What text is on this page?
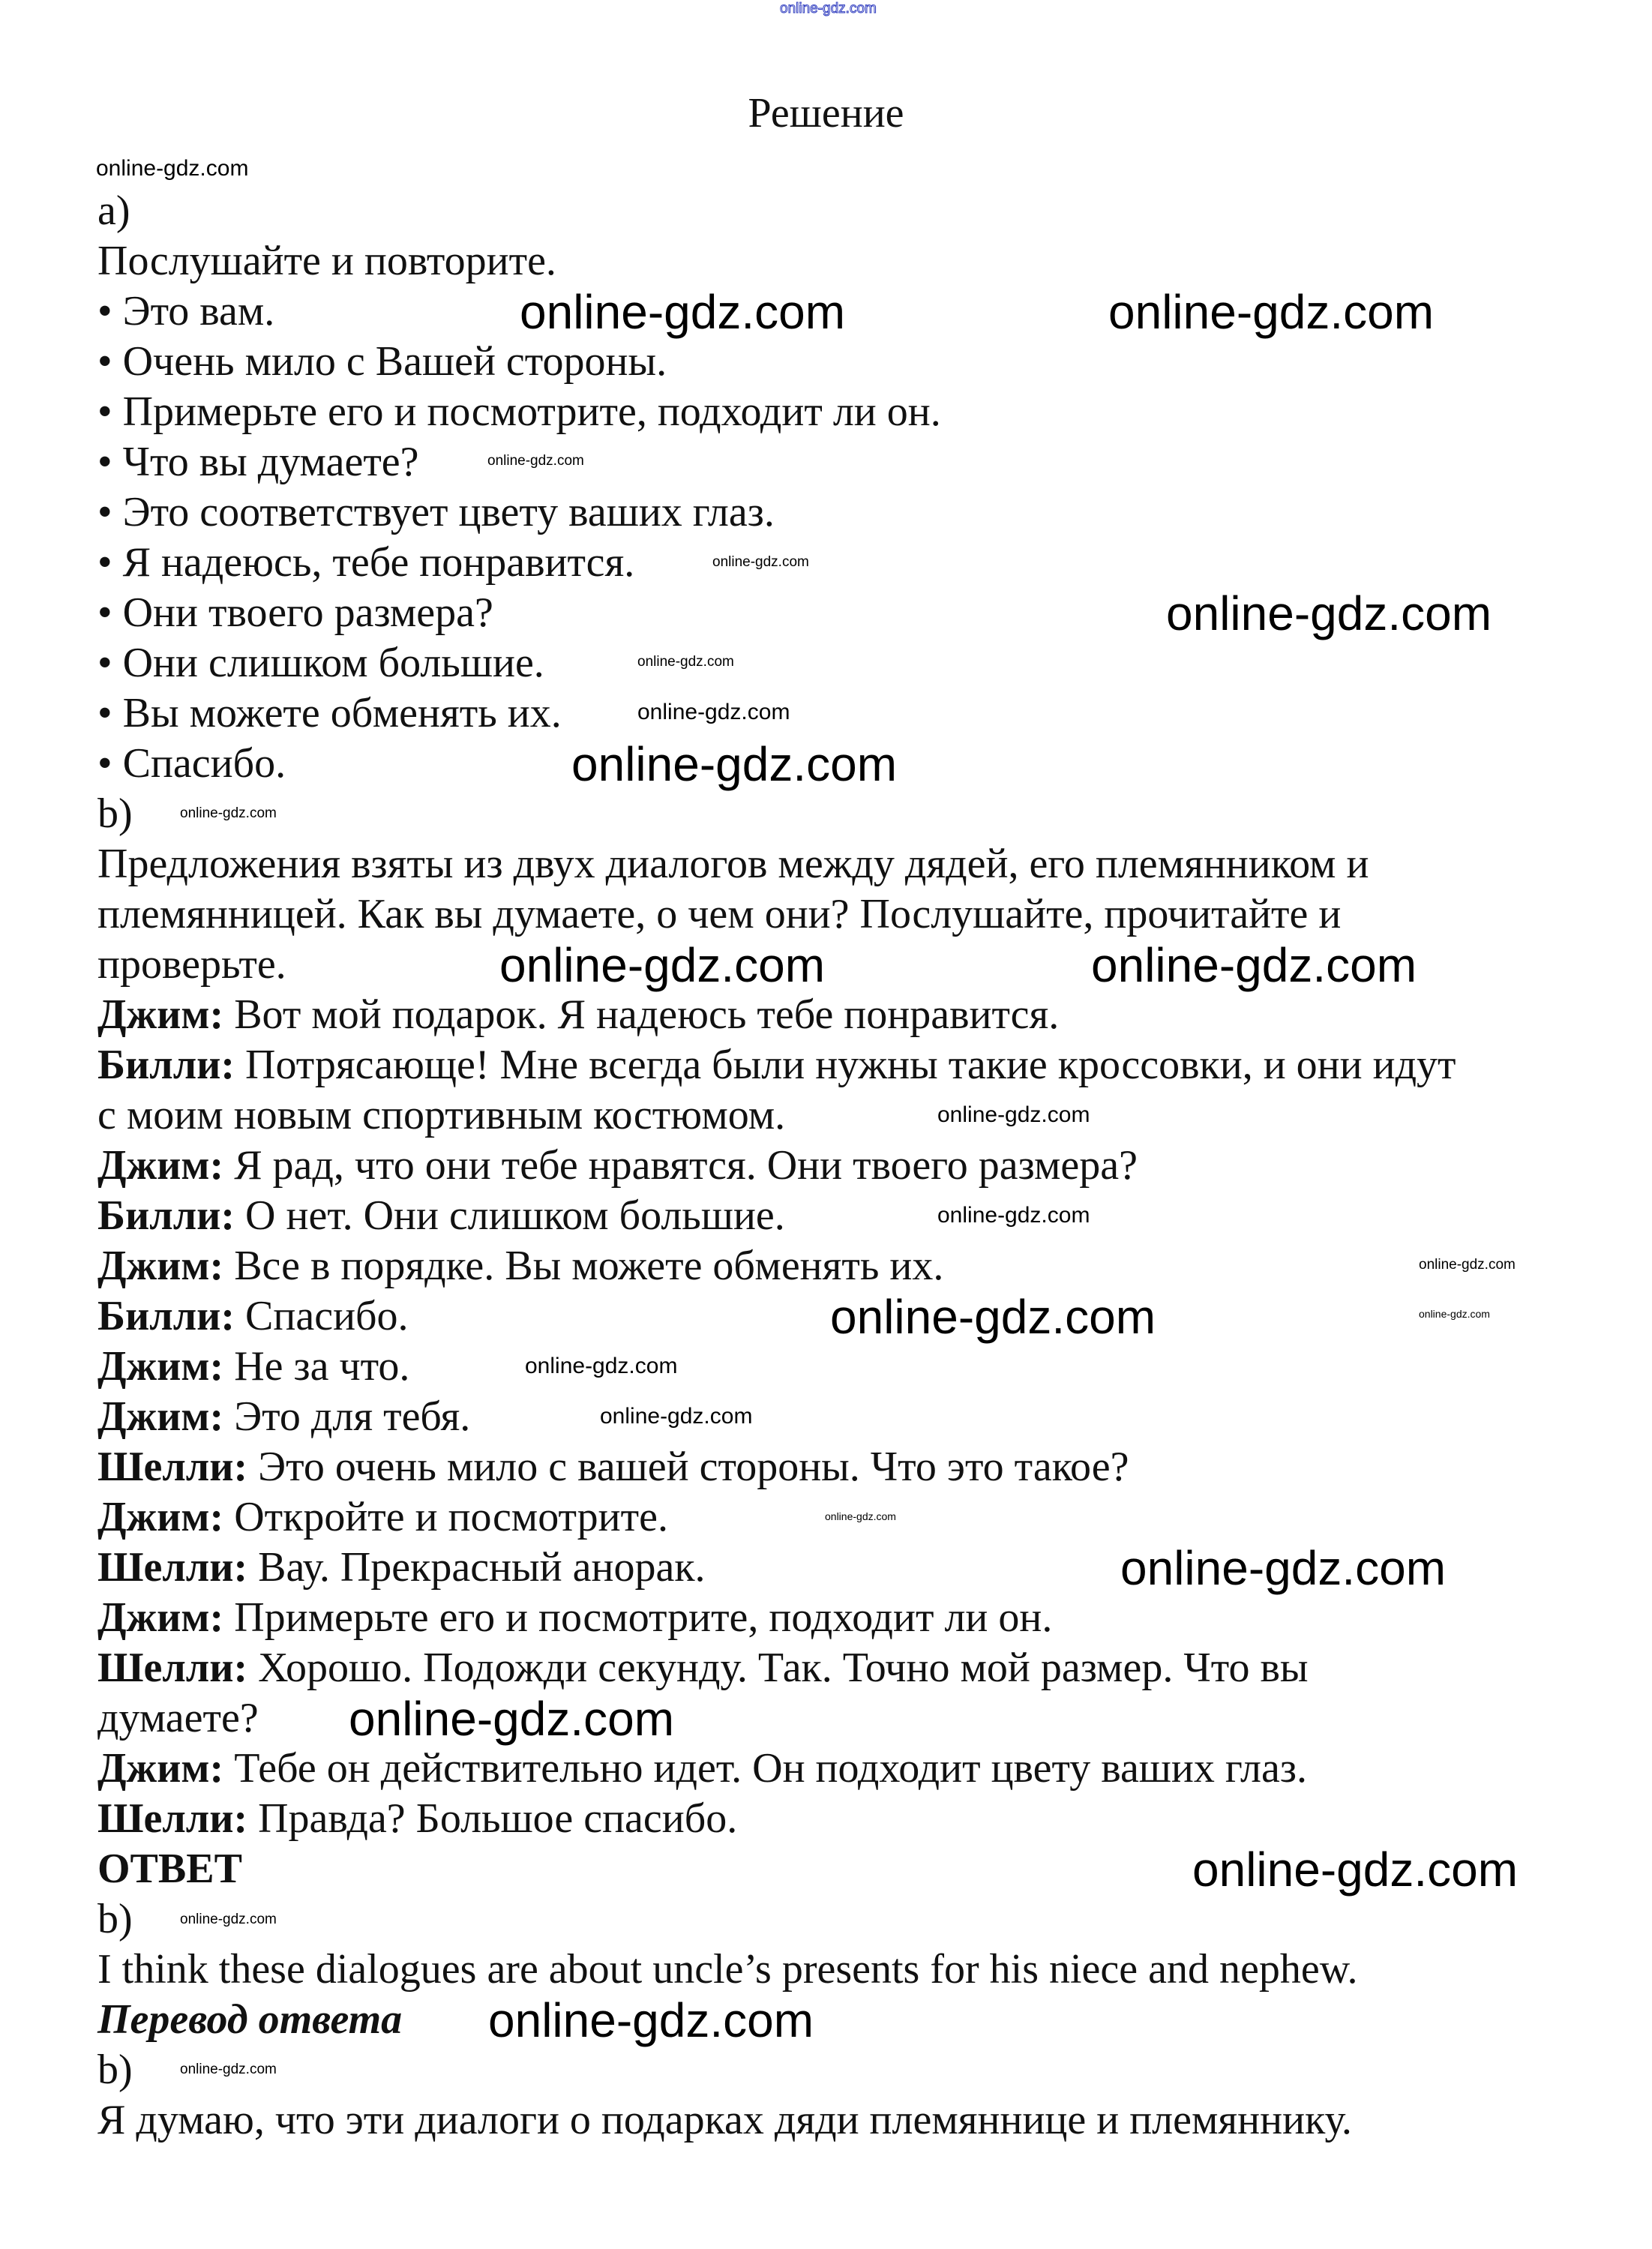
online-gdz.com
Решение
а)
Послушайте и повторите.
• Это вам.
• Очень мило с Вашей стороны.
• Примерьте его и посмотрите, подходит ли он.
• Что вы думаете?
• Это соответствует цвету ваших глаз.
• Я надеюсь, тебе понравится.
• Они твоего размера?
• Они слишком большие.
• Вы можете обменять их.
• Спасибо.
b)
Предложения взяты из двух диалогов между дядей, его племянником и
племянницей. Как вы думаете, о чем они? Послушайте, прочитайте и
проверьте.
Джим: Вот мой подарок. Я надеюсь тебе понравится.
Билли: Потрясающе! Мне всегда были нужны такие кроссовки, и они идут
с моим новым спортивным костюмом.
Джим: Я рад, что они тебе нравятся. Они твоего размера?
Билли: О нет. Они слишком большие.
Джим: Все в порядке. Вы можете обменять их.
Билли: Спасибо.
Джим: Не за что.
Джим: Это для тебя.
Шелли: Это очень мило с вашей стороны. Что это такое?
Джим: Откройте и посмотрите.
Шелли: Вау. Прекрасный анорак.
Джим: Примерьте его и посмотрите, подходит ли он.
Шелли: Хорошо. Подожди секунду. Так. Точно мой размер. Что вы
думаете?
Джим: Тебе он действительно идет. Он подходит цвету ваших глаз.
Шелли: Правда? Большое спасибо.
ОТВЕТ
b)
I think these dialogues are about uncle’s presents for his niece and nephew.
Перевод ответа
b)
Я думаю, что эти диалоги о подарках дяди племяннице и племяннику.
online-gdz.com	online-gdz.com
online-gdz.com
online-gdz.com
online-gdz.com	online-gdz.com
online-gdz.com
online-gdz.com
online-gdz.com
online-gdz.com
online-gdz.com
online-gdz.com
online-gdz.com
online-gdz.com
online-gdz.com
online-gdz.com
online-gdz.com
online-gdz.com
online-gdz.com
online-gdz.com
online-gdz.com
online-gdz.com
online-gdz.com
online-gdz.com
online-gdz.com
online-gdz.com
